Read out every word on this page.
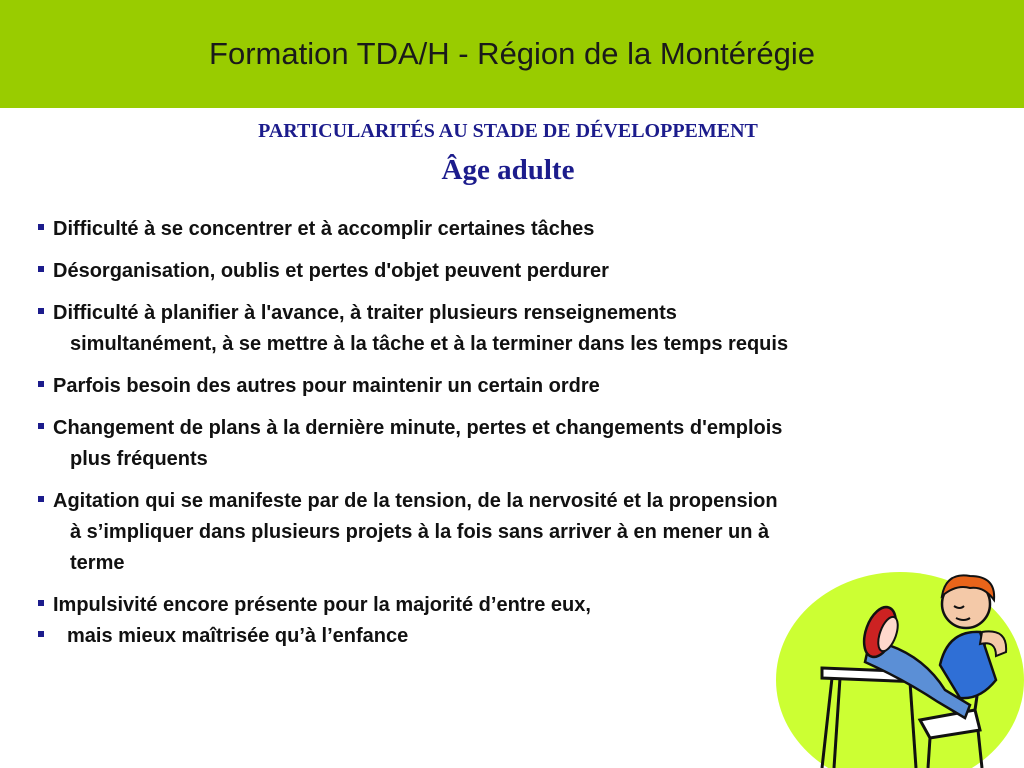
Formation TDA/H - Région de la Montérégie
PARTICULARITÉS AU STADE DE DÉVELOPPEMENT
Âge adulte
Difficulté à se concentrer et à accomplir certaines tâches
Désorganisation, oublis et pertes d'objet peuvent perdurer
Difficulté à planifier à l'avance, à traiter plusieurs renseignements
simultanément, à se mettre à la tâche et à la terminer dans les temps requis
Parfois besoin des autres pour maintenir un certain ordre
Changement de plans à la dernière minute, pertes et changements d'emplois
plus fréquents
Agitation qui se manifeste par de la tension, de la nervosité et la propension
à s’impliquer dans plusieurs projets à la fois sans arriver à en mener un à
terme
Impulsivité encore présente pour la majorité d’entre eux,
mais mieux maîtrisée qu’à l’enfance
